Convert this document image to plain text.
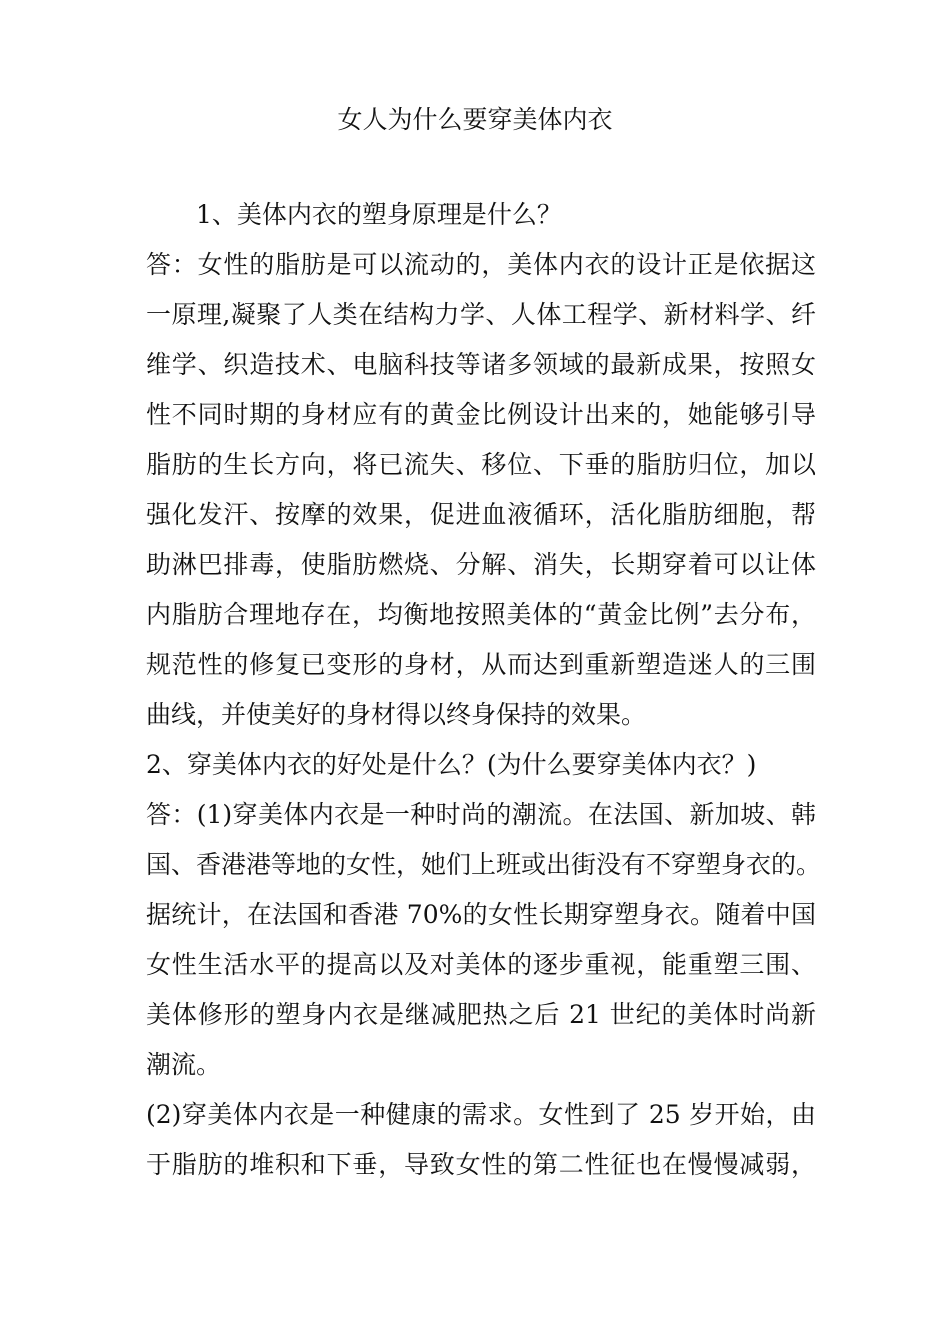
女人为什么要穿美体内衣
1、美体内衣的塑身原理是什么？
答：女性的脂肪是可以流动的，美体内衣的设计正是依据这
一原理,凝聚了人类在结构力学、人体工程学、新材料学、纤
维学、织造技术、电脑科技等诸多领域的最新成果，按照女
性不同时期的身材应有的黄金比例设计出来的，她能够引导
脂肪的生长方向，将已流失、移位、下垂的脂肪归位，加以
强化发汗、按摩的效果，促进血液循环，活化脂肪细胞，帮
助淋巴排毒，使脂肪燃烧、分解、消失，长期穿着可以让体
内脂肪合理地存在，均衡地按照美体的“黄金比例”去分布，
规范性的修复已变形的身材，从而达到重新塑造迷人的三围
曲线，并使美好的身材得以终身保持的效果。
2、穿美体内衣的好处是什么？(为什么要穿美体内衣？)
答：(1)穿美体内衣是一种时尚的潮流。在法国、新加坡、韩
国、香港港等地的女性，她们上班或出街没有不穿塑身衣的。
据统计，在法国和香港 70%的女性长期穿塑身衣。随着中国
女性生活水平的提高以及对美体的逐步重视，能重塑三围、
美体修形的塑身内衣是继减肥热之后 21 世纪的美体时尚新
潮流。
(2)穿美体内衣是一种健康的需求。女性到了 25 岁开始，由
于脂肪的堆积和下垂，导致女性的第二性征也在慢慢减弱，
